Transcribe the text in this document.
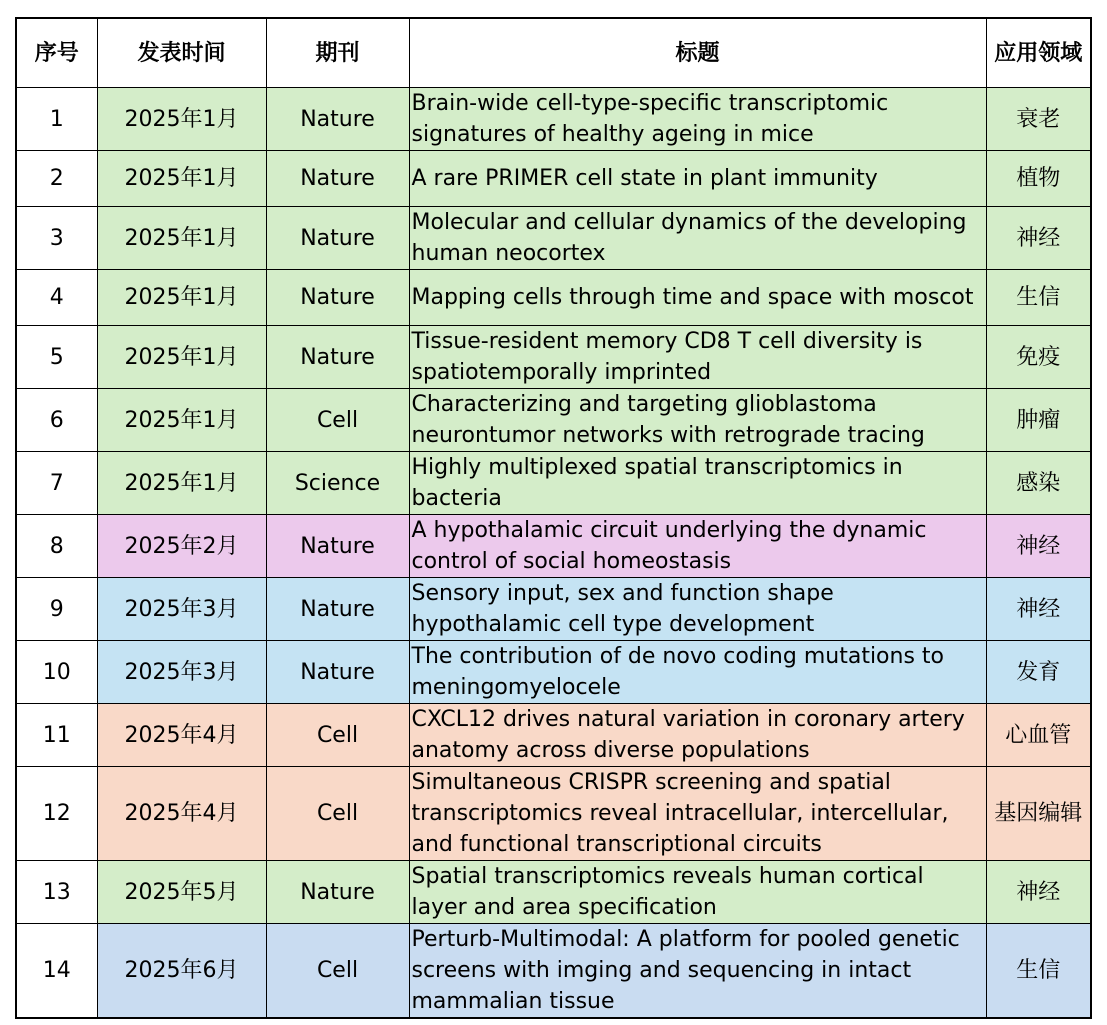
序号	发表时间	期刊	标题	应用领域
1	2025年1月	Nature	Brain-wide cell-type-specific transcriptomic signatures of healthy ageing in mice	衰老
2	2025年1月	Nature	A rare PRIMER cell state in plant immunity	植物
3	2025年1月	Nature	Molecular and cellular dynamics of the developing human neocortex	神经
4	2025年1月	Nature	Mapping cells through time and space with moscot	生信
5	2025年1月	Nature	Tissue-resident memory CD8 T cell diversity is spatiotemporally imprinted	免疫
6	2025年1月	Cell	Characterizing and targeting glioblastoma neurontumor networks with retrograde tracing	肿瘤
7	2025年1月	Science	Highly multiplexed spatial transcriptomics in bacteria	感染
8	2025年2月	Nature	A hypothalamic circuit underlying the dynamic control of social homeostasis	神经
9	2025年3月	Nature	Sensory input, sex and function shape hypothalamic cell type development	神经
10	2025年3月	Nature	The contribution of de novo coding mutations to meningomyelocele	发育
11	2025年4月	Cell	CXCL12 drives natural variation in coronary artery anatomy across diverse populations	心血管
12	2025年4月	Cell	Simultaneous CRISPR screening and spatial transcriptomics reveal intracellular, intercellular, and functional transcriptional circuits	基因编辑
13	2025年5月	Nature	Spatial transcriptomics reveals human cortical layer and area specification	神经
14	2025年6月	Cell	Perturb-Multimodal: A platform for pooled genetic screens with imging and sequencing in intact mammalian tissue	生信
